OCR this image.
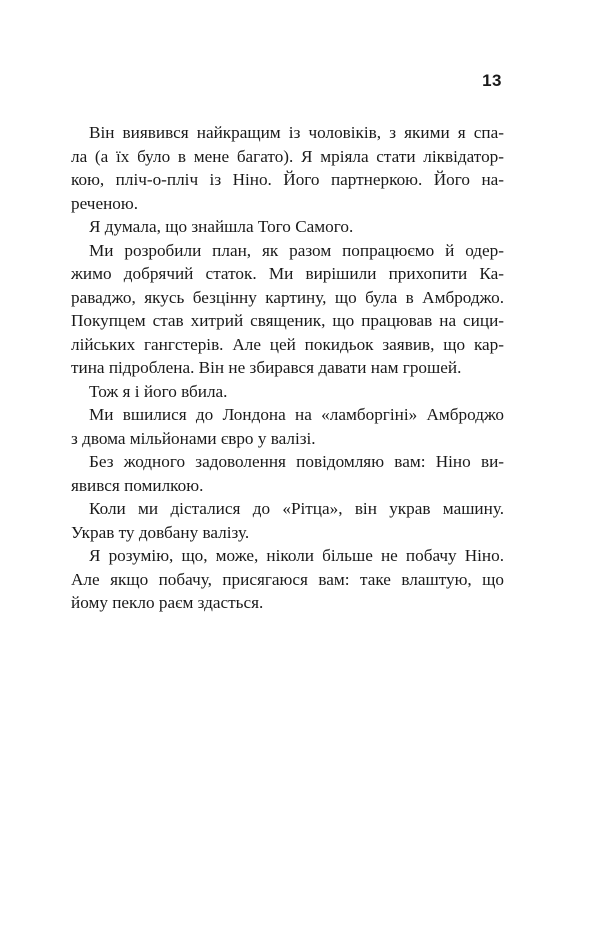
13
Він виявився найкращим із чоловіків, з якими я спа-
ла (а їх було в мене багато). Я мріяла стати ліквідатор-
кою, пліч-о-пліч із Ніно. Його партнеркою. Його на-
реченою.
Я думала, що знайшла Того Самого.
Ми розробили план, як разом попрацюємо й одер-
жимо добрячий статок. Ми вирішили прихопити Ка-
раваджо, якусь безцінну картину, що була в Амброджо.
Покупцем став хитрий священик, що працював на сици-
лійських гангстерів. Але цей покидьок заявив, що кар-
тина підроблена. Він не збирався давати нам грошей.
Тож я і його вбила.
Ми вшилися до Лондона на «ламборгіні» Амброджо
з двома мільйонами євро у валізі.
Без жодного задоволення повідомляю вам: Ніно ви-
явився помилкою.
Коли ми дісталися до «Рітца», він украв машину.
Украв ту довбану валізу.
Я розумію, що, може, ніколи більше не побачу Ніно.
Але якщо побачу, присягаюся вам: таке влаштую, що
йому пекло раєм здасться.
